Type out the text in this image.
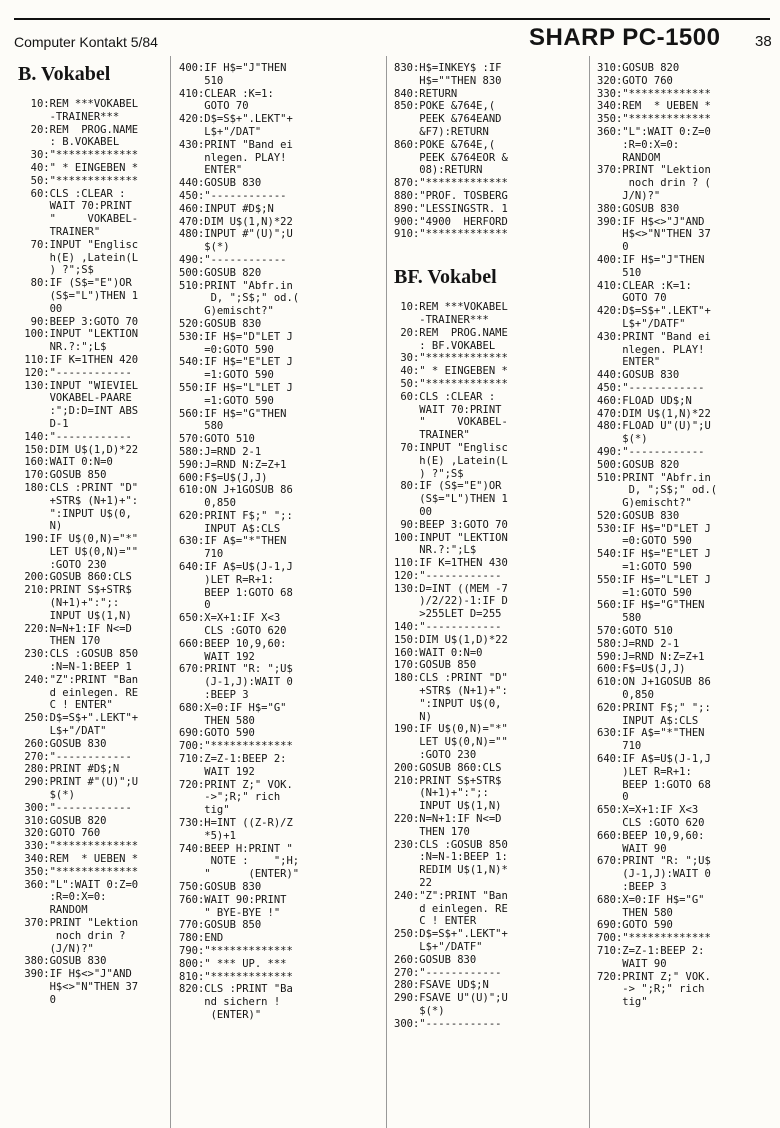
Computer Kontakt 5/84	SHARP PC-1500 38
B. Vokabel
10:REM ***VOKABEL
-TRAINER***
20:REM  PROG.NAME
: B.VOKABEL
30:"*************
40:" * EINGEBEN *
50:"*************
60:CLS :CLEAR :
WAIT 70:PRINT
"     VOKABEL-
TRAINER"
70:INPUT "Englisc
h(E) ,Latein(L
) ?";S$
80:IF (S$="E")OR
(S$="L")THEN 1
00
90:BEEP 3:GOTO 70
100:INPUT "LEKTION
NR.?:";L$
110:IF K=1THEN 420
120:"------------
130:INPUT "WIEVIEL
VOKABEL-PAARE
:";D:D=INT ABS
D-1
140:"------------
150:DIM U$(1,D)*22
160:WAIT 0:N=0
170:GOSUB 850
180:CLS :PRINT "D"
+STR$ (N+1)+":
":INPUT U$(0,
N)
190:IF U$(0,N)="*"
LET U$(0,N)=""
:GOTO 230
200:GOSUB 860:CLS
210:PRINT S$+STR$
(N+1)+":";:
INPUT U$(1,N)
220:N=N+1:IF N<=D
THEN 170
230:CLS :GOSUB 850
:N=N-1:BEEP 1
240:"Z":PRINT "Ban
d einlegen. RE
C ! ENTER"
250:D$=S$+".LEKT"+
L$+"/DAT"
260:GOSUB 830
270:"------------
280:PRINT #D$;N
290:PRINT #"(U)";U
$(*)
300:"------------
310:GOSUB 820
320:GOTO 760
330:"*************
340:REM  * UEBEN *
350:"*************
360:"L":WAIT 0:Z=0
:R=0:X=0:
RANDOM
370:PRINT "Lektion
noch drin ?
(J/N)?"
380:GOSUB 830
390:IF H$<>"J"AND
H$<>"N"THEN 37
0
400:IF H$="J"THEN
510
410:CLEAR :K=1:
GOTO 70
420:D$=S$+".LEKT"+
L$+"/DAT"
430:PRINT "Band ei
nlegen. PLAY!
ENTER"
440:GOSUB 830
450:"------------
460:INPUT #D$;N
470:DIM U$(1,N)*22
480:INPUT #"(U)";U
$(*)
490:"------------
500:GOSUB 820
510:PRINT "Abfr.in
D, ";S$;" od.(
G)emischt?"
520:GOSUB 830
530:IF H$="D"LET J
=0:GOTO 590
540:IF H$="E"LET J
=1:GOTO 590
550:IF H$="L"LET J
=1:GOTO 590
560:IF H$="G"THEN
580
570:GOTO 510
580:J=RND 2-1
590:J=RND N:Z=Z+1
600:F$=U$(J,J)
610:ON J+1GOSUB 86
0,850
620:PRINT F$;" ";:
INPUT A$:CLS
630:IF A$="*"THEN
710
640:IF A$=U$(J-1,J
)LET R=R+1:
BEEP 1:GOTO 68
0
650:X=X+1:IF X<3
CLS :GOTO 620
660:BEEP 10,9,60:
WAIT 192
670:PRINT "R: ";U$
(J-1,J):WAIT 0
:BEEP 3
680:X=0:IF H$="G"
THEN 580
690:GOTO 590
700:"*************
710:Z=Z-1:BEEP 2:
WAIT 192
720:PRINT Z;" VOK.
->";R;" rich
tig"
730:H=INT ((Z-R)/Z
*5)+1
740:BEEP H:PRINT "
NOTE :    ";H;
"      (ENTER)"
750:GOSUB 830
760:WAIT 90:PRINT
" BYE-BYE !"
770:GOSUB 850
780:END
790:"*************
800:" *** UP. ***
810:"*************
820:CLS :PRINT "Ba
nd sichern !
(ENTER)"
830:H$=INKEY$ :IF
H$=""THEN 830
840:RETURN
850:POKE &764E,(
PEEK &764EAND
&F7):RETURN
860:POKE &764E,(
PEEK &764EOR &
08):RETURN
870:"*************
880:"PROF. TOSBERG
890:"LESSINGSTR. 1
900:"4900  HERFORD
910:"*************
BF. Vokabel
10:REM ***VOKABEL
-TRAINER***
20:REM  PROG.NAME
: BF.VOKABEL
30:"*************
40:" * EINGEBEN *
50:"*************
60:CLS :CLEAR :
WAIT 70:PRINT
"     VOKABEL-
TRAINER"
70:INPUT "Englisc
h(E) ,Latein(L
) ?";S$
80:IF (S$="E")OR
(S$="L")THEN 1
00
90:BEEP 3:GOTO 70
100:INPUT "LEKTION
NR.?:";L$
110:IF K=1THEN 430
120:"------------
130:D=INT ((MEM -7
)/2/22)-1:IF D
>255LET D=255
140:"------------
150:DIM U$(1,D)*22
160:WAIT 0:N=0
170:GOSUB 850
180:CLS :PRINT "D"
+STR$ (N+1)+":
":INPUT U$(0,
N)
190:IF U$(0,N)="*"
LET U$(0,N)=""
:GOTO 230
200:GOSUB 860:CLS
210:PRINT S$+STR$
(N+1)+":";:
INPUT U$(1,N)
220:N=N+1:IF N<=D
THEN 170
230:CLS :GOSUB 850
:N=N-1:BEEP 1:
REDIM U$(1,N)*
22
240:"Z":PRINT "Ban
d einlegen. RE
C ! ENTER
250:D$=S$+".LEKT"+
L$+"/DATF"
260:GOSUB 830
270:"------------
280:FSAVE UD$;N
290:FSAVE U"(U)";U
$(*)
300:"------------
310:GOSUB 820
320:GOTO 760
330:"*************
340:REM  * UEBEN *
350:"*************
360:"L":WAIT 0:Z=0
:R=0:X=0:
RANDOM
370:PRINT "Lektion
noch drin ? (
J/N)?"
380:GOSUB 830
390:IF H$<>"J"AND
H$<>"N"THEN 37
0
400:IF H$="J"THEN
510
410:CLEAR :K=1:
GOTO 70
420:D$=S$+".LEKT"+
L$+"/DATF"
430:PRINT "Band ei
nlegen. PLAY!
ENTER"
440:GOSUB 830
450:"------------
460:FLOAD UD$;N
470:DIM U$(1,N)*22
480:FLOAD U"(U)";U
$(*)
490:"------------
500:GOSUB 820
510:PRINT "Abfr.in
D, ";S$;" od.(
G)emischt?"
520:GOSUB 830
530:IF H$="D"LET J
=0:GOTO 590
540:IF H$="E"LET J
=1:GOTO 590
550:IF H$="L"LET J
=1:GOTO 590
560:IF H$="G"THEN
580
570:GOTO 510
580:J=RND 2-1
590:J=RND N:Z=Z+1
600:F$=U$(J,J)
610:ON J+1GOSUB 86
0,850
620:PRINT F$;" ";:
INPUT A$:CLS
630:IF A$="*"THEN
710
640:IF A$=U$(J-1,J
)LET R=R+1:
BEEP 1:GOTO 68
0
650:X=X+1:IF X<3
CLS :GOTO 620
660:BEEP 10,9,60:
WAIT 90
670:PRINT "R: ";U$
(J-1,J):WAIT 0
:BEEP 3
680:X=0:IF H$="G"
THEN 580
690:GOTO 590
700:"*************
710:Z=Z-1:BEEP 2:
WAIT 90
720:PRINT Z;" VOK.
-> ";R;" rich
tig"
